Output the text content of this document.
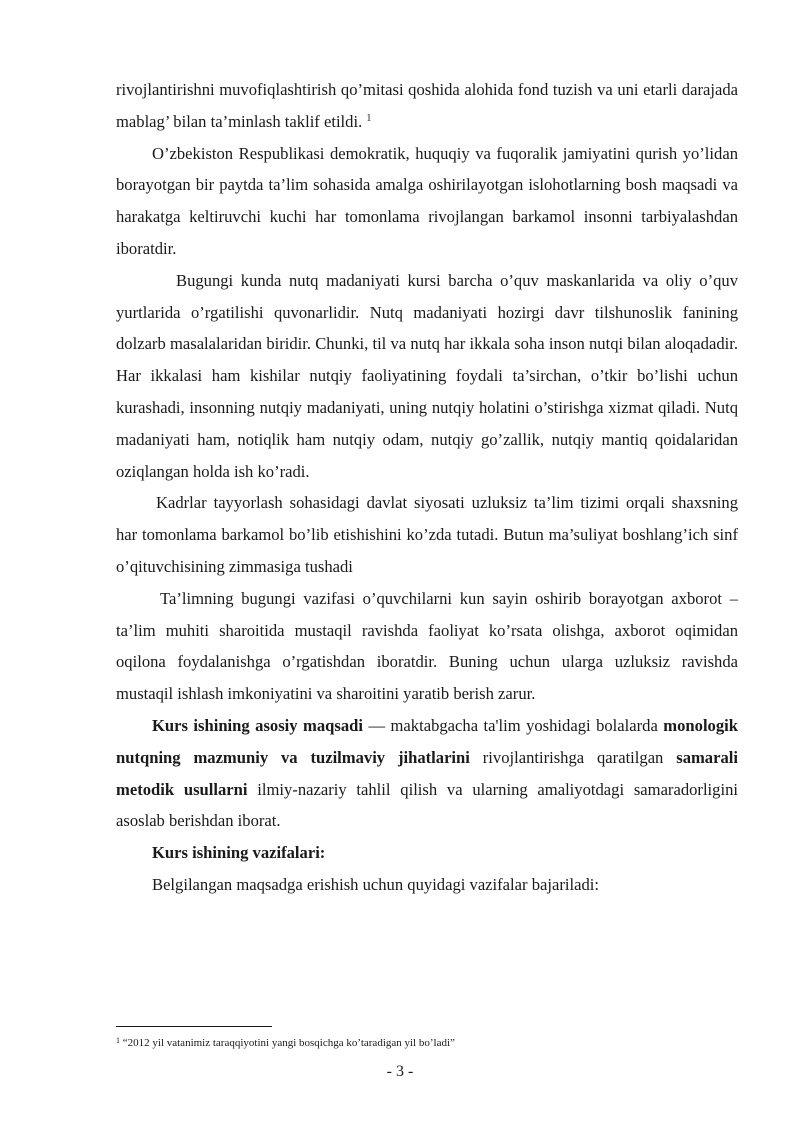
rivojlantirishni muvofiqlashtirish qo’mitasi qoshida alohida fond tuzish va uni etarli darajada mablag’ bilan ta’minlash taklif etildi. $^1$

O’zbekiston Respublikasi demokratik, huquqiy va fuqoralik jamiyatini qurish yo’lidan borayotgan bir paytda ta’lim sohasida amalga oshirilayotgan islohotlarning bosh maqsadi va harakatga keltiruvchi kuchi har tomonlama rivojlangan barkamol insonni tarbiyalashdan iboratdir.

Bugungi kunda nutq madaniyati kursi barcha o’quv maskanlarida va oliy o’quv yurtlarida o’rgatilishi quvonarlidir. Nutq madaniyati hozirgi davr tilshunoslik fanining dolzarb masalalaridan biridir. Chunki, til va nutq har ikkala soha inson nutqi bilan aloqadadir. Har ikkalasi ham kishilar nutqiy faoliyatining foydali ta’sirchan, o’tkir bo’lishi uchun kurashadi, insonning nutqiy madaniyati, uning nutqiy holatini o’stirishga xizmat qiladi. Nutq madaniyati ham, notiqlik ham nutqiy odam, nutqiy go’zallik, nutqiy mantiq qoidalaridan oziqlangan holda ish ko’radi.

Kadrlar tayyorlash sohasidagi davlat siyosati uzluksiz ta’lim tizimi orqali shaxsning har tomonlama barkamol bo’lib etishishini ko’zda tutadi. Butun ma’suliyat boshlang’ich sinf o’qituvchisining zimmasiga tushadi

Ta’limning bugungi vazifasi o’quvchilarni kun sayin oshirib borayotgan axborot – ta’lim muhiti sharoitida mustaqil ravishda faoliyat ko’rsata olishga, axborot oqimidan oqilona foydalanishga o’rgatishdan iboratdir. Buning uchun ularga uzluksiz ravishda mustaqil ishlash imkoniyatini va sharoitini yaratib berish zarur.

Kurs ishining asosiy maqsadi — maktabgacha ta'lim yoshidagi bolalarda monologik nutqning mazmuniy va tuzilmaviy jihatlarini rivojlantirishga qaratilgan samarali metodik usullarni ilmiy-nazariy tahlil qilish va ularning amaliyotdagi samaradorligini asoslab berishdan iborat.

Kurs ishining vazifalari:

Belgilangan maqsadga erishish uchun quyidagi vazifalar bajariladi:

$^1$ “2012 yil vatanimiz taraqqiyotini yangi bosqichga ko’taradigan yil bo’ladi”
- 3 -
